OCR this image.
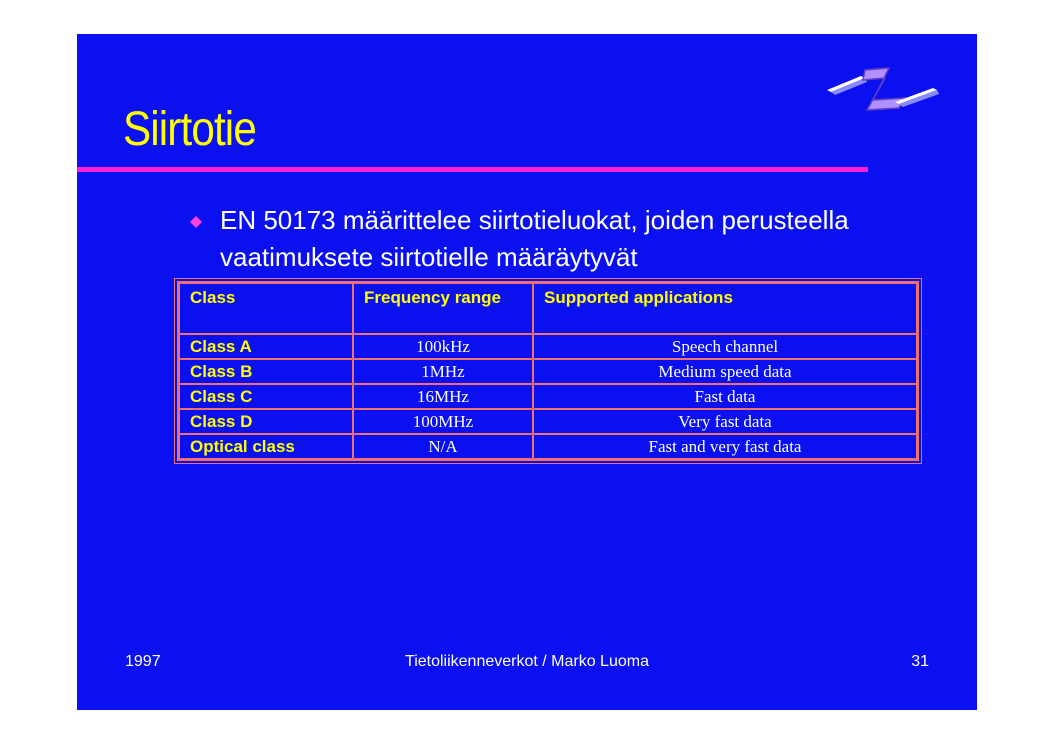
Siirtotie
EN 50173 määrittelee siirtotieluokat, joiden perusteella vaatimuksete siirtotielle määräytyvät
Class	Frequency range	Supported applications
Class A	100kHz	Speech channel
Class B	1MHz	Medium speed data
Class C	16MHz	Fast data
Class D	100MHz	Very fast data
Optical class	N/A	Fast and very fast data
1997	Tietoliikenneverkot / Marko Luoma	31
